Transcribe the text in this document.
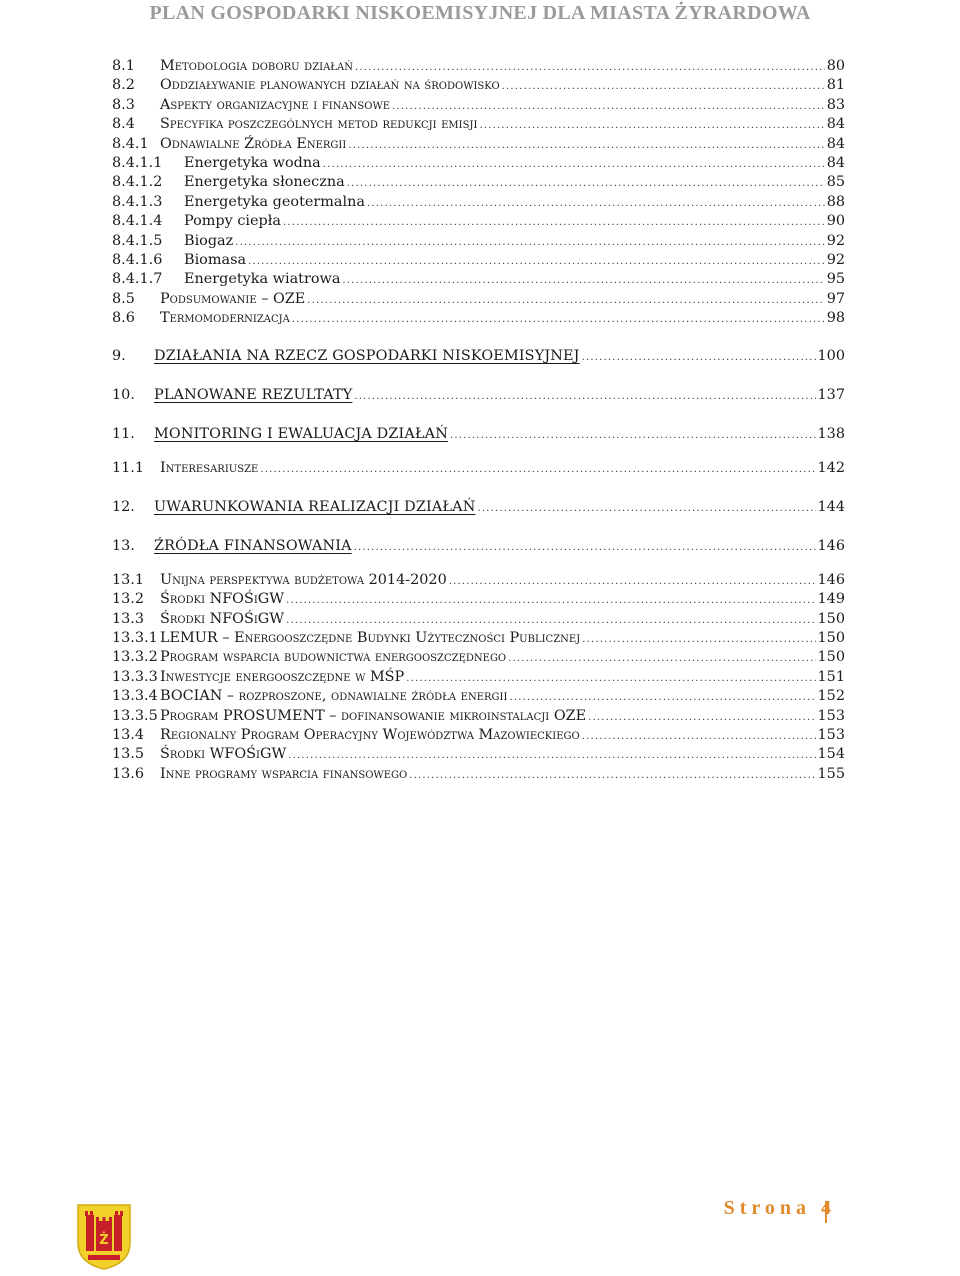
PLAN GOSPODARKI NISKOEMISYJNEJ DLA MIASTA ŻYRARDOWA
8.1	Metodologia doboru działań .....	80
8.2	Oddziaływanie planowanych działań na środowisko .....	81
8.3	Aspekty organizacyjne i finansowe .....	83
8.4	Specyfika poszczególnych metod redukcji emisji .....	84
8.4.1 Odnawialne Źródła Energii .....	84
8.4.1.1	Energetyka wodna .....	84
8.4.1.2	Energetyka słoneczna .....	85
8.4.1.3	Energetyka geotermalna .....	88
8.4.1.4	Pompy ciepła .....	90
8.4.1.5	Biogaz .....	92
8.4.1.6	Biomasa .....	92
8.4.1.7	Energetyka wiatrowa .....	95
8.5	Podsumowanie – OZE .....	97
8.6	Termomodernizacja .....	98
9.	DZIAŁANIA NA RZECZ GOSPODARKI NISKOEMISYJNEJ .....	100
10.	PLANOWANE REZULTATY .....	137
11.	MONITORING I EWALUACJA DZIAŁAŃ .....	138
11.1	Interesariusze .....	142
12.	UWARUNKOWANIA REALIZACJI DZIAŁAŃ .....	144
13.	ŹRÓDŁA FINANSOWANIA .....	146
13.1	Unijna perspektywa budżetowa 2014-2020 .....	146
13.2	Środki NFOŚiGW .....	149
13.3	Środki NFOŚiGW .....	150
13.3.1 LEMUR – Energooszczędne Budynki Użyteczności Publicznej .....	150
13.3.2 Program wsparcia budownictwa energooszczędnego .....	150
13.3.3 Inwestycje energooszczędne w MŚP .....	151
13.3.4 BOCIAN – rozproszone, odnawialne źródła energii .....	152
13.3.5 Program PROSUMENT – dofinansowanie mikroinstalacji OZE .....	153
13.4	Regionalny Program Operacyjny Województwa Mazowieckiego .....	153
13.5	Środki WFOŚiGW .....	154
13.6	Inne programy wsparcia finansowego .....	155
Ż

Strona 4
